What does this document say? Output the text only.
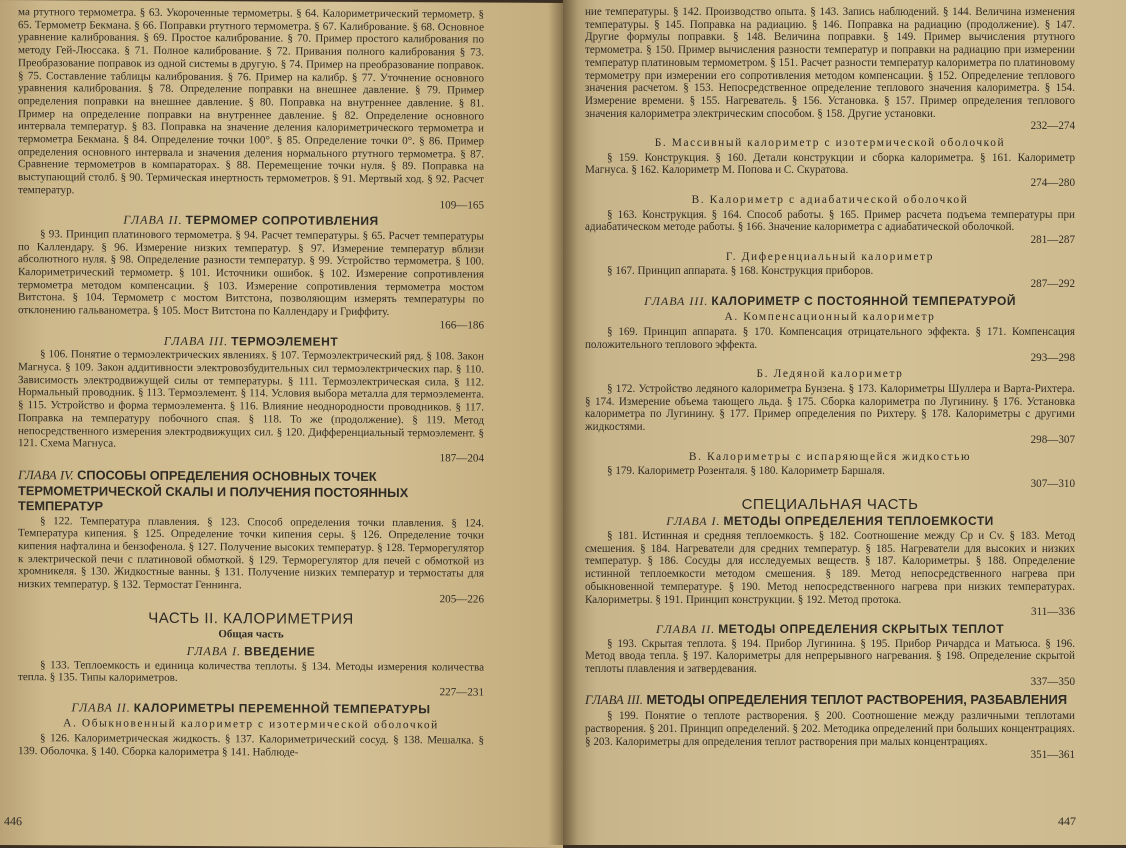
ма ртутного термометра. § 63. Укороченные термометры. § 64. Калориметрический термометр. § 65. Термометр Бекмана. § 66. Поправки ртутного термометра. § 67. Калибрование. § 68. Основное уравнение калибрования. § 69. Простое калибрование. § 70. Пример простого калибрования по методу Гей-Люссака. § 71. Полное калибрование. § 72. Привания полного калибрования § 73. Преобразование поправок из одной системы в другую. § 74. Пример на преобразование поправок. § 75. Составление таблицы калибрования. § 76. Пример на калибр. § 77. Уточнение основного уравнения калибрования. § 78. Определение поправки на внешнее давление. § 79. Пример определения поправки на внешнее давление. § 80. Поправка на внутреннее давление. § 81. Пример на определение поправки на внутреннее давление. § 82. Определение основного интервала температур. § 83. Поправка на значение деления калориметрического термометра и термометра Бекмана. § 84. Определение точки 100°. § 85. Определение точки 0°. § 86. Пример определения основного интервала и значения деления нормального ртутного термометра. § 87. Сравнение термометров в компараторах. § 88. Перемещение точки нуля. § 89. Поправка на выступающий столб. § 90. Термическая инертность термометров. § 91. Мертвый ход. § 92. Расчет температур.

109—165

ГЛАВА II. ТЕРМОМЕР СОПРОТИВЛЕНИЯ

§ 93. Принцип платинового термометра. § 94. Расчет температуры. § 65. Расчет температуры по Каллендару. § 96. Измерение низких температур. § 97. Измерение температур вблизи абсолютного нуля. § 98. Определение разности температур. § 99. Устройство термометра. § 100. Калориметрический термометр. § 101. Источники ошибок. § 102. Измерение сопротивления термометра методом компенсации. § 103. Измерение сопротивления термометра мостом Витстона. § 104. Термометр с мостом Витстона, позволяющим измерять температуры по отклонению гальванометра. § 105. Мост Витстона по Каллендару и Гриффиту.

166—186

ГЛАВА III. ТЕРМОЭЛЕМЕНТ

§ 106. Понятие о термоэлектрических явлениях. § 107. Термоэлектрический ряд. § 108. Закон Магнуса. § 109. Закон аддитивности электровозбудительных сил термоэлектрических пар. § 110. Зависимость электродвижущей силы от температуры. § 111. Термоэлектрическая сила. § 112. Нормальный проводник. § 113. Термоэлемент. § 114. Условия выбора металла для термоэлемента. § 115. Устройство и форма термоэлемента. § 116. Влияние неоднородности проводников. § 117. Поправка на температуру побочного спая. § 118. То же (продолжение). § 119. Метод непосредственного измерения электродвижущих сил. § 120. Дифференциальный термоэлемент. § 121. Схема Магнуса.

187—204

ГЛАВА IV. СПОСОБЫ ОПРЕДЕЛЕНИЯ ОСНОВНЫХ ТОЧЕК ТЕРМОМЕТРИЧЕСКОЙ СКАЛЫ И ПОЛУЧЕНИЯ ПОСТОЯННЫХ ТЕМПЕРАТУР

§ 122. Температура плавления. § 123. Способ определения точки плавления. § 124. Температура кипения. § 125. Определение точки кипения серы. § 126. Определение точки кипения нафталина и бензофенола. § 127. Получение высоких температур. § 128. Терморегулятор к электрической печи с платиновой обмоткой. § 129. Терморегулятор для печей с обмоткой из хромникеля. § 130. Жидкостные ванны. § 131. Получение низких температур и термостаты для низких температур. § 132. Термостат Геннинга.

205—226

ЧАСТЬ II. КАЛОРИМЕТРИЯ
Общая часть
ГЛАВА I. ВВЕДЕНИЕ

§ 133. Теплоемкость и единица количества теплоты. § 134. Методы измерения количества тепла. § 135. Типы калориметров.

227—231

ГЛАВА II. КАЛОРИМЕТРЫ ПЕРЕМЕННОЙ ТЕМПЕРАТУРЫ
А. Обыкновенный калориметр с изотермической оболочкой

§ 126. Калориметрическая жидкость. § 137. Калориметрический сосуд. § 138. Мешалка. § 139. Оболочка. § 140. Сборка калориметра § 141. Наблюде-

446

ние температуры. § 142. Производство опыта. § 143. Запись наблюдений. § 144. Величина изменения температуры. § 145. Поправка на радиацию. § 146. Поправка на радиацию (продолжение). § 147. Другие формулы поправки. § 148. Величина поправки. § 149. Пример вычисления ртутного термометра. § 150. Пример вычисления разности температур и поправки на радиацию при измерении температур платиновым термометром. § 151. Расчет разности температур калориметра по платиновому термометру при измерении его сопротивления методом компенсации. § 152. Определение теплового значения расчетом. § 153. Непосредственное определение теплового значения калориметра. § 154. Измерение времени. § 155. Нагреватель. § 156. Установка. § 157. Пример определения теплового значения калориметра электрическим способом. § 158. Другие установки.

232—274

Б. Массивный калориметр с изотермической оболочкой

§ 159. Конструкция. § 160. Детали конструкции и сборка калориметра. § 161. Калориметр Магнуса. § 162. Калориметр М. Попова и С. Скуратова.

274—280

В. Калориметр с адиабатической оболочкой

§ 163. Конструкция. § 164. Способ работы. § 165. Пример расчета подъема температуры при адиабатическом методе работы. § 166. Значение калориметра с адиабатической оболочкой.

281—287

Г. Диференциальный калориметр

§ 167. Принцип аппарата. § 168. Конструкция приборов.

287—292

ГЛАВА III. КАЛОРИМЕТР С ПОСТОЯННОЙ ТЕМПЕРАТУРОЙ
А. Компенсационный калориметр

§ 169. Принцип аппарата. § 170. Компенсация отрицательного эффекта. § 171. Компенсация положительного теплового эффекта.

293—298

Б. Ледяной калориметр

§ 172. Устройство ледяного калориметра Бунзена. § 173. Калориметры Шуллера и Варта-Рихтера. § 174. Измерение объема тающего льда. § 175. Сборка калориметра по Лугинину. § 176. Установка калориметра по Лугинину. § 177. Пример определения по Рихтеру. § 178. Калориметры с другими жидкостями.

298—307

В. Калориметры с испаряющейся жидкостью

§ 179. Калориметр Розенталя. § 180. Калориметр Баршаля.

307—310

СПЕЦИАЛЬНАЯ ЧАСТЬ
ГЛАВА I. МЕТОДЫ ОПРЕДЕЛЕНИЯ ТЕПЛОЕМКОСТИ

§ 181. Истинная и средняя теплоемкость. § 182. Соотношение между Cp и Cv. § 183. Метод смешения. § 184. Нагреватели для средних температур. § 185. Нагреватели для высоких и низких температур. § 186. Сосуды для исследуемых веществ. § 187. Калориметры. § 188. Определение истинной теплоемкости методом смешения. § 189. Метод непосредственного нагрева при обыкновенной температуре. § 190. Метод непосредственного нагрева при низких температурах. Калориметры. § 191. Принцип конструкции. § 192. Метод протока.

311—336

ГЛАВА II. МЕТОДЫ ОПРЕДЕЛЕНИЯ СКРЫТЫХ ТЕПЛОТ

§ 193. Скрытая теплота. § 194. Прибор Лугинина. § 195. Прибор Ричардса и Матьюса. § 196. Метод ввода тепла. § 197. Калориметры для непрерывного нагревания. § 198. Определение скрытой теплоты плавления и затвердевания.

337—350

ГЛАВА III. МЕТОДЫ ОПРЕДЕЛЕНИЯ ТЕПЛОТ РАСТВОРЕНИЯ, РАЗБАВЛЕНИЯ

§ 199. Понятие о теплоте растворения. § 200. Соотношение между различными теплотами растворения. § 201. Принцип определений. § 202. Методика определений при больших концентрациях. § 203. Калориметры для определения теплот растворения при малых концентрациях.

351—361

447
